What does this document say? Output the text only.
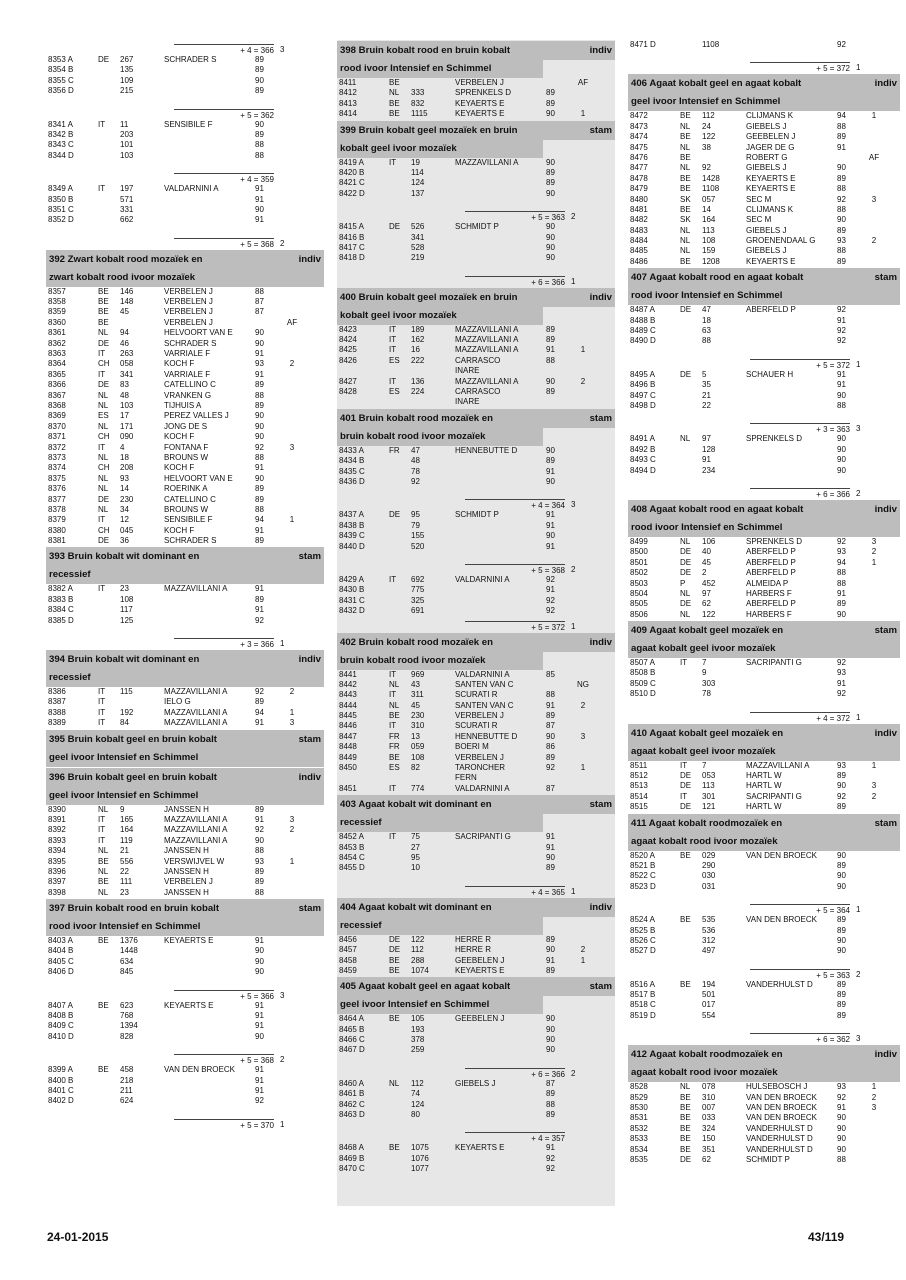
+ 4 = 366 3
8353 A	DE	267	SCHRADER S	89
8354 B	135	89
8355 C	109	90
8356 D	215	89
+ 5 = 362
8341 A	IT	11	SENSIBILE F	90
8342 B	203	89
8343 C	101	88
8344 D	103	88
+ 4 = 359
8349 A	IT	197	VALDARNINI A	91
8350 B	571	91
8351 C	331	90
8352 D	662	91
+ 5 = 368 2
392 Zwart kobalt rood mozaïek en	indiv
zwart kobalt rood ivoor mozaïek
8357	BE	146	VERBELEN J	88
8358	BE	148	VERBELEN J	87
8359	BE	45	VERBELEN J	87
8360	BE	VERBELEN J	AF
8361	NL	94	HELVOORT VAN E	90
8362	DE	46	SCHRADER S	90
8363	IT	263	VARRIALE F	91
8364	CH	058	KOCH F	93	2
8365	IT	341	VARRIALE F	91
8366	DE	83	CATELLINO C	89
8367	NL	48	VRANKEN G	88
8368	NL	103	TIJHUIS A	89
8369	ES	17	PEREZ VALLES J	90
8370	NL	171	JONG DE S	90
8371	CH	090	KOCH F	90
8372	IT	4	FONTANA F	92	3
8373	NL	18	BROUNS W	88
8374	CH	208	KOCH F	91
8375	NL	93	HELVOORT VAN E	90
8376	NL	14	ROERINK A	89
8377	DE	230	CATELLINO C	89
8378	NL	34	BROUNS W	88
8379	IT	12	SENSIBILE F	94	1
8380	CH	045	KOCH F	91
8381	DE	36	SCHRADER S	89
393 Bruin kobalt wit dominant en	stam
recessief
8382 A	IT	23	MAZZAVILLANI A	91
8383 B	108	89
8384 C	117	91
8385 D	125	92
+ 3 = 366 1
394 Bruin kobalt wit dominant en	indiv
recessief
8386	IT	115	MAZZAVILLANI A	92	2
8387	IT	IELO G	89
8388	IT	192	MAZZAVILLANI A	94	1
8389	IT	84	MAZZAVILLANI A	91	3
395 Bruin kobalt geel en bruin kobalt	stam
geel ivoor Intensief en Schimmel
396 Bruin kobalt geel en bruin kobalt	indiv
geel ivoor Intensief en Schimmel
8390	NL	9	JANSSEN H	89
8391	IT	165	MAZZAVILLANI A	91	3
8392	IT	164	MAZZAVILLANI A	92	2
8393	IT	119	MAZZAVILLANI A	90
8394	NL	21	JANSSEN H	88
8395	BE	556	VERSWIJVEL W	93	1
8396	NL	22	JANSSEN H	89
8397	BE	111	VERBELEN J	89
8398	NL	23	JANSSEN H	88
397 Bruin kobalt rood en bruin kobalt	stam
rood ivoor Intensief en Schimmel
8403 A	BE	1376	KEYAERTS E	91
8404 B	1448	90
8405 C	634	90
8406 D	845	90
+ 5 = 366 3
8407 A	BE	623	KEYAERTS E	91
8408 B	768	91
8409 C	1394	91
8410 D	828	90
+ 5 = 368 2
8399 A	BE	458	VAN DEN BROECK	91
8400 B	218	91
8401 C	211	91
8402 D	624	92
+ 5 = 370 1
398 Bruin kobalt rood en bruin kobalt	indiv
rood ivoor Intensief en Schimmel
8411	BE	VERBELEN J	AF
8412	NL	333	SPRENKELS D	89
8413	BE	832	KEYAERTS E	89
8414	BE	1115	KEYAERTS E	90	1
399 Bruin kobalt geel mozaïek en bruin	stam
kobalt geel ivoor mozaïek
8419 A	IT	19	MAZZAVILLANI A	90
8420 B	114	89
8421 C	124	89
8422 D	137	90
+ 5 = 363 2
8415 A	DE	526	SCHMIDT P	90
8416 B	341	90
8417 C	528	90
8418 D	219	90
+ 6 = 366 1
400 Bruin kobalt geel mozaïek en bruin	indiv
kobalt geel ivoor mozaïek
8423	IT	189	MAZZAVILLANI A	89
8424	IT	162	MAZZAVILLANI A	89
8425	IT	16	MAZZAVILLANI A	91	1
8426	ES	222	CARRASCO	88
INARE
8427	IT	136	MAZZAVILLANI A	90	2
8428	ES	224	CARRASCO	89
INARE
401 Bruin kobalt rood mozaïek en	stam
bruin kobalt rood ivoor mozaïek
8433 A	FR	47	HENNEBUTTE D	90
8434 B	48	89
8435 C	78	91
8436 D	92	90
+ 4 = 364 3
8437 A	DE	95	SCHMIDT P	91
8438 B	79	91
8439 C	155	90
8440 D	520	91
+ 5 = 368 2
8429 A	IT	692	VALDARNINI A	92
8430 B	775	91
8431 C	325	92
8432 D	691	92
+ 5 = 372 1
402 Bruin kobalt rood mozaïek en	indiv
bruin kobalt rood ivoor mozaïek
8441	IT	969	VALDARNINI A	85
8442	NL	43	SANTEN VAN C	NG
8443	IT	311	SCURATI R	88
8444	NL	45	SANTEN VAN C	91	2
8445	BE	230	VERBELEN J	89
8446	IT	310	SCURATI R	87
8447	FR	13	HENNEBUTTE D	90	3
8448	FR	059	BOERI M	86
8449	BE	108	VERBELEN J	89
8450	ES	82	TARONCHER	92	1
FERN
8451	IT	774	VALDARNINI A	87
403 Agaat kobalt wit dominant en	stam
recessief
8452 A	IT	75	SACRIPANTI G	91
8453 B	27	91
8454 C	95	90
8455 D	10	89
+ 4 = 365 1
404 Agaat kobalt wit dominant en	indiv
recessief
8456	DE	122	HERRE R	89
8457	DE	112	HERRE R	90	2
8458	BE	288	GEEBELEN J	91	1
8459	BE	1074	KEYAERTS E	89
405 Agaat kobalt geel en agaat kobalt	stam
geel ivoor Intensief en Schimmel
8464 A	BE	105	GEEBELEN J	90
8465 B	193	90
8466 C	378	90
8467 D	259	90
+ 6 = 366 2
8460 A	NL	112	GIEBELS J	87
8461 B	74	89
8462 C	124	88
8463 D	80	89
+ 4 = 357
8468 A	BE	1075	KEYAERTS E	91
8469 B	1076	92
8470 C	1077	92
8471 D	1108	92
+ 5 = 372 1
406 Agaat kobalt geel en agaat kobalt	indiv
geel ivoor Intensief en Schimmel
8472	BE	112	CLIJMANS K	94	1
8473	NL	24	GIEBELS J	88
8474	BE	122	GEEBELEN J	89
8475	NL	38	JAGER DE G	91
8476	BE	ROBERT G	AF
8477	NL	92	GIEBELS J	90
8478	BE	1428	KEYAERTS E	89
8479	BE	1108	KEYAERTS E	88
8480	SK	057	SEC M	92	3
8481	BE	14	CLIJMANS K	88
8482	SK	164	SEC M	90
8483	NL	113	GIEBELS J	89
8484	NL	108	GROENENDAAL G	93	2
8485	NL	159	GIEBELS J	88
8486	BE	1208	KEYAERTS E	89
407 Agaat kobalt rood en agaat kobalt	stam
rood ivoor Intensief en Schimmel
8487 A	DE	47	ABERFELD P	92
8488 B	18	91
8489 C	63	92
8490 D	88	92
+ 5 = 372 1
8495 A	DE	5	SCHAUER H	91
8496 B	35	91
8497 C	21	90
8498 D	22	88
+ 3 = 363 3
8491 A	NL	97	SPRENKELS D	90
8492 B	128	90
8493 C	91	90
8494 D	234	90
+ 6 = 366 2
408 Agaat kobalt rood en agaat kobalt	indiv
rood ivoor Intensief en Schimmel
8499	NL	106	SPRENKELS D	92	3
8500	DE	40	ABERFELD P	93	2
8501	DE	45	ABERFELD P	94	1
8502	DE	2	ABERFELD P	88
8503	P	452	ALMEIDA P	88
8504	NL	97	HARBERS F	91
8505	DE	62	ABERFELD P	89
8506	NL	122	HARBERS F	90
409 Agaat kobalt geel mozaïek en	stam
agaat kobalt geel ivoor mozaïek
8507 A	IT	7	SACRIPANTI G	92
8508 B	9	93
8509 C	303	91
8510 D	78	92
+ 4 = 372 1
410 Agaat kobalt geel mozaïek en	indiv
agaat kobalt geel ivoor mozaïek
8511	IT	7	MAZZAVILLANI A	93	1
8512	DE	053	HARTL W	89
8513	DE	113	HARTL W	90	3
8514	IT	301	SACRIPANTI G	92	2
8515	DE	121	HARTL W	89
411 Agaat kobalt roodmozaïek en	stam
agaat kobalt rood ivoor mozaïek
8520 A	BE	029	VAN DEN BROECK	90
8521 B	290	89
8522 C	030	90
8523 D	031	90
+ 5 = 364 1
8524 A	BE	535	VAN DEN BROECK	89
8525 B	536	89
8526 C	312	90
8527 D	497	90
+ 5 = 363 2
8516 A	BE	194	VANDERHULST D	89
8517 B	501	89
8518 C	017	89
8519 D	554	89
+ 6 = 362 3
412 Agaat kobalt roodmozaïek en	indiv
agaat kobalt rood ivoor mozaïek
8528	NL	078	HULSEBOSCH J	93	1
8529	BE	310	VAN DEN BROECK	92	2
8530	BE	007	VAN DEN BROECK	91	3
8531	BE	033	VAN DEN BROECK	90
8532	BE	324	VANDERHULST D	90
8533	BE	150	VANDERHULST D	90
8534	BE	351	VANDERHULST D	90
8535	DE	62	SCHMIDT P	88
24-01-2015	43/119
